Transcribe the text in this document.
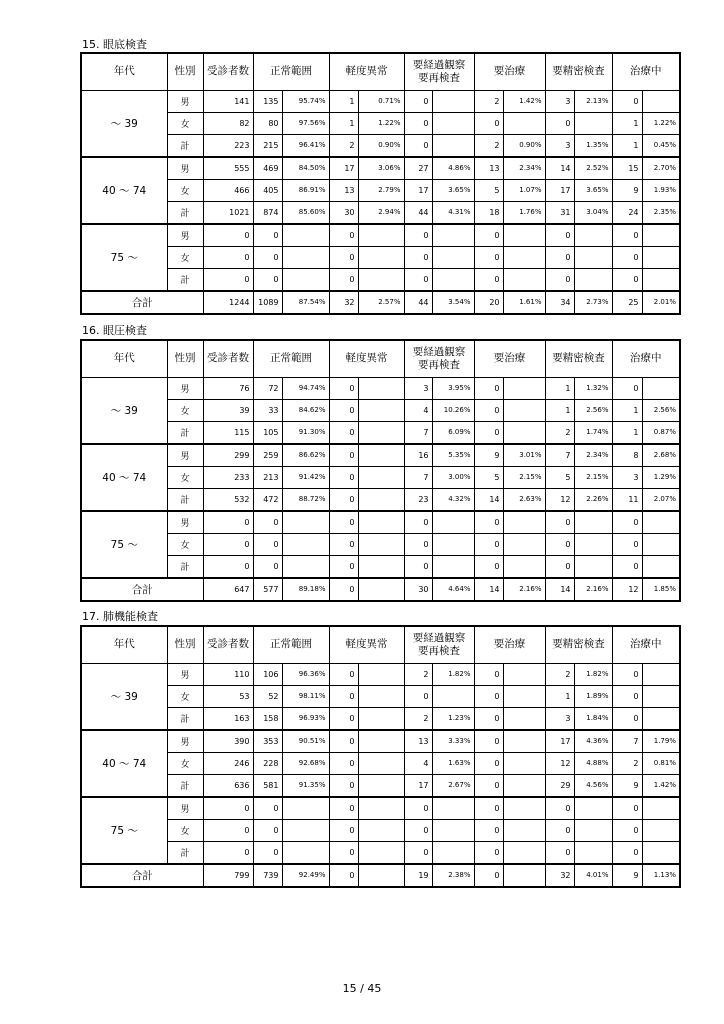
15. 眼底検査
年代	性別	受診者数	正常範囲		軽度異常		要経過観察
要再検査		要治療		要精密検査		治療中	
～ 39	男	141	135	95.74%	1	0.71%	0		2	1.42%	3	2.13%	0	
	女	82	80	97.56%	1	1.22%	0		0		0		1	1.22%
	計	223	215	96.41%	2	0.90%	0		2	0.90%	3	1.35%	1	0.45%
40 ～ 74	男	555	469	84.50%	17	3.06%	27	4.86%	13	2.34%	14	2.52%	15	2.70%
	女	466	405	86.91%	13	2.79%	17	3.65%	5	1.07%	17	3.65%	9	1.93%
	計	1021	874	85.60%	30	2.94%	44	4.31%	18	1.76%	31	3.04%	24	2.35%
75 ～	男	0	0		0		0		0		0		0	
	女	0	0		0		0		0		0		0	
	計	0	0		0		0		0		0		0	
合計		1244	1089	87.54%	32	2.57%	44	3.54%	20	1.61%	34	2.73%	25	2.01%
16. 眼圧検査
年代	性別	受診者数	正常範囲		軽度異常		要経過観察
要再検査		要治療		要精密検査		治療中	
～ 39	男	76	72	94.74%	0		3	3.95%	0		1	1.32%	0	
	女	39	33	84.62%	0		4	10.26%	0		1	2.56%	1	2.56%
	計	115	105	91.30%	0		7	6.09%	0		2	1.74%	1	0.87%
40 ～ 74	男	299	259	86.62%	0		16	5.35%	9	3.01%	7	2.34%	8	2.68%
	女	233	213	91.42%	0		7	3.00%	5	2.15%	5	2.15%	3	1.29%
	計	532	472	88.72%	0		23	4.32%	14	2.63%	12	2.26%	11	2.07%
75 ～	男	0	0		0		0		0		0		0	
	女	0	0		0		0		0		0		0	
	計	0	0		0		0		0		0		0	
合計		647	577	89.18%	0		30	4.64%	14	2.16%	14	2.16%	12	1.85%
17. 肺機能検査
年代	性別	受診者数	正常範囲		軽度異常		要経過観察
要再検査		要治療		要精密検査		治療中	
～ 39	男	110	106	96.36%	0		2	1.82%	0		2	1.82%	0	
	女	53	52	98.11%	0		0		0		1	1.89%	0	
	計	163	158	96.93%	0		2	1.23%	0		3	1.84%	0	
40 ～ 74	男	390	353	90.51%	0		13	3.33%	0		17	4.36%	7	1.79%
	女	246	228	92.68%	0		4	1.63%	0		12	4.88%	2	0.81%
	計	636	581	91.35%	0		17	2.67%	0		29	4.56%	9	1.42%
75 ～	男	0	0		0		0		0		0		0	
	女	0	0		0		0		0		0		0	
	計	0	0		0		0		0		0		0	
合計		799	739	92.49%	0		19	2.38%	0		32	4.01%	9	1.13%
15 / 45
